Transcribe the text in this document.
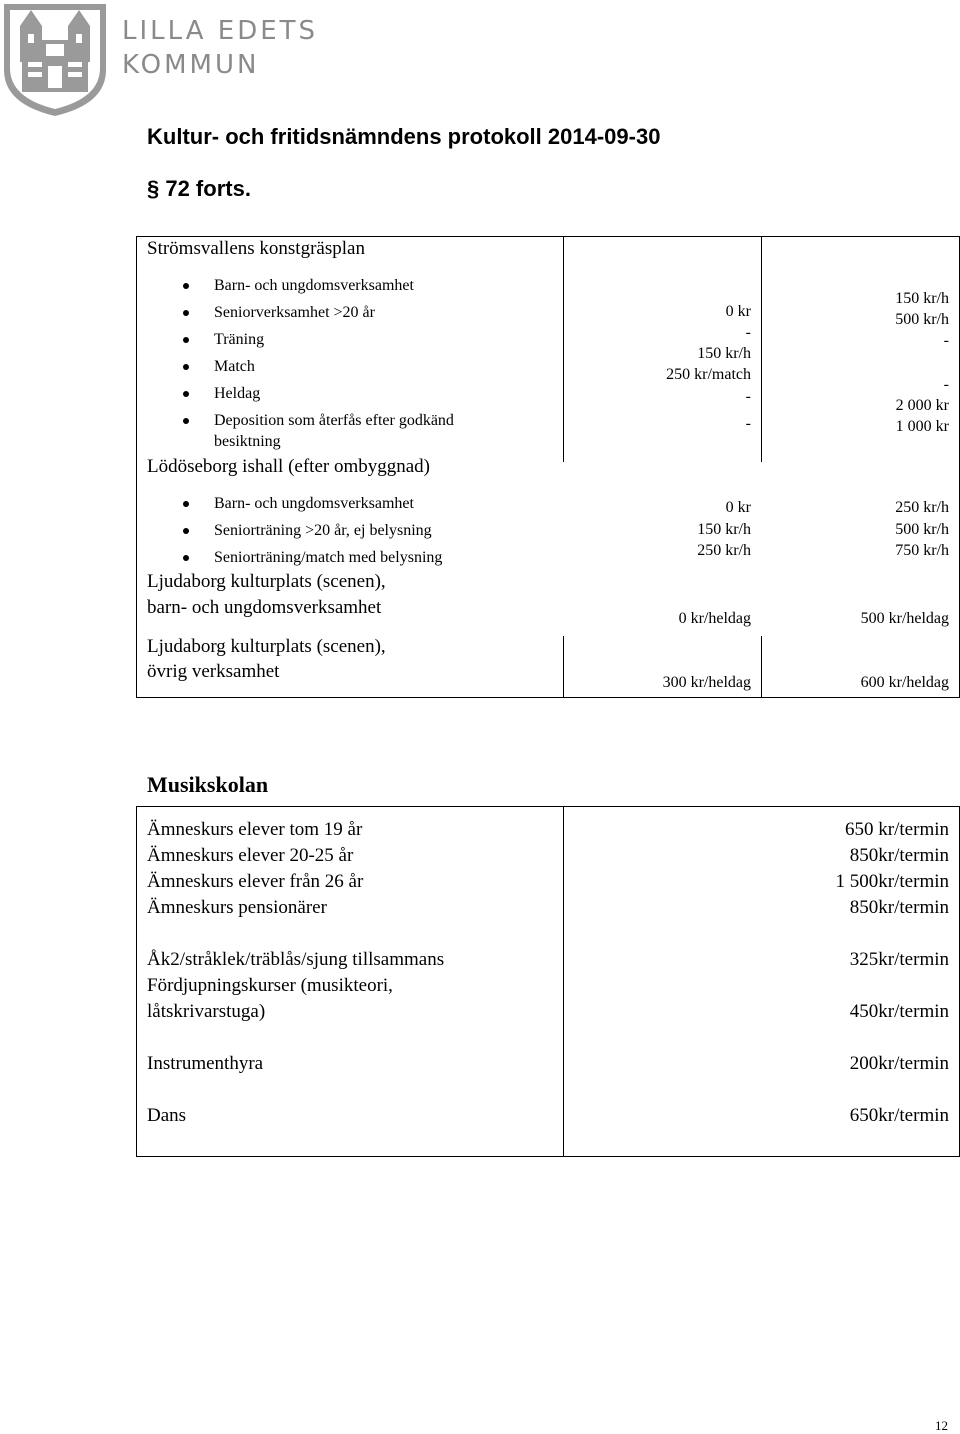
LILLA EDETS
KOMMUN
Kultur- och fritidsnämndens protokoll 2014-09-30
§ 72 forts.
Strömsvallens konstgräsplan
Barn- och ungdomsverksamhet
Seniorverksamhet >20 år
Träning
Match
Heldag
Deposition som återfås efter godkänd
besiktning
0 kr
-
150 kr/h
250 kr/match
-
-
150 kr/h
500 kr/h
-
-
2 000 kr
1 000 kr
Lödöseborg ishall (efter ombyggnad)
Barn- och ungdomsverksamhet
Seniorträning >20 år, ej belysning
Seniorträning/match med belysning
0 kr
150 kr/h
250 kr/h
250 kr/h
500 kr/h
750 kr/h
Ljudaborg kulturplats (scenen),
barn- och ungdomsverksamhet
0 kr/heldag	500 kr/heldag
Ljudaborg kulturplats (scenen),
övrig verksamhet
300 kr/heldag	600 kr/heldag
Musikskolan
Ämneskurs elever tom 19 år
Ämneskurs elever 20-25 år
Ämneskurs elever från 26 år
Ämneskurs pensionärer
Åk2/stråklek/träblås/sjung tillsammans
Fördjupningskurser (musikteori,
låtskrivarstuga)
Instrumenthyra
Dans
650 kr/termin
850kr/termin
1 500kr/termin
850kr/termin
325kr/termin
450kr/termin
200kr/termin
650kr/termin
12
